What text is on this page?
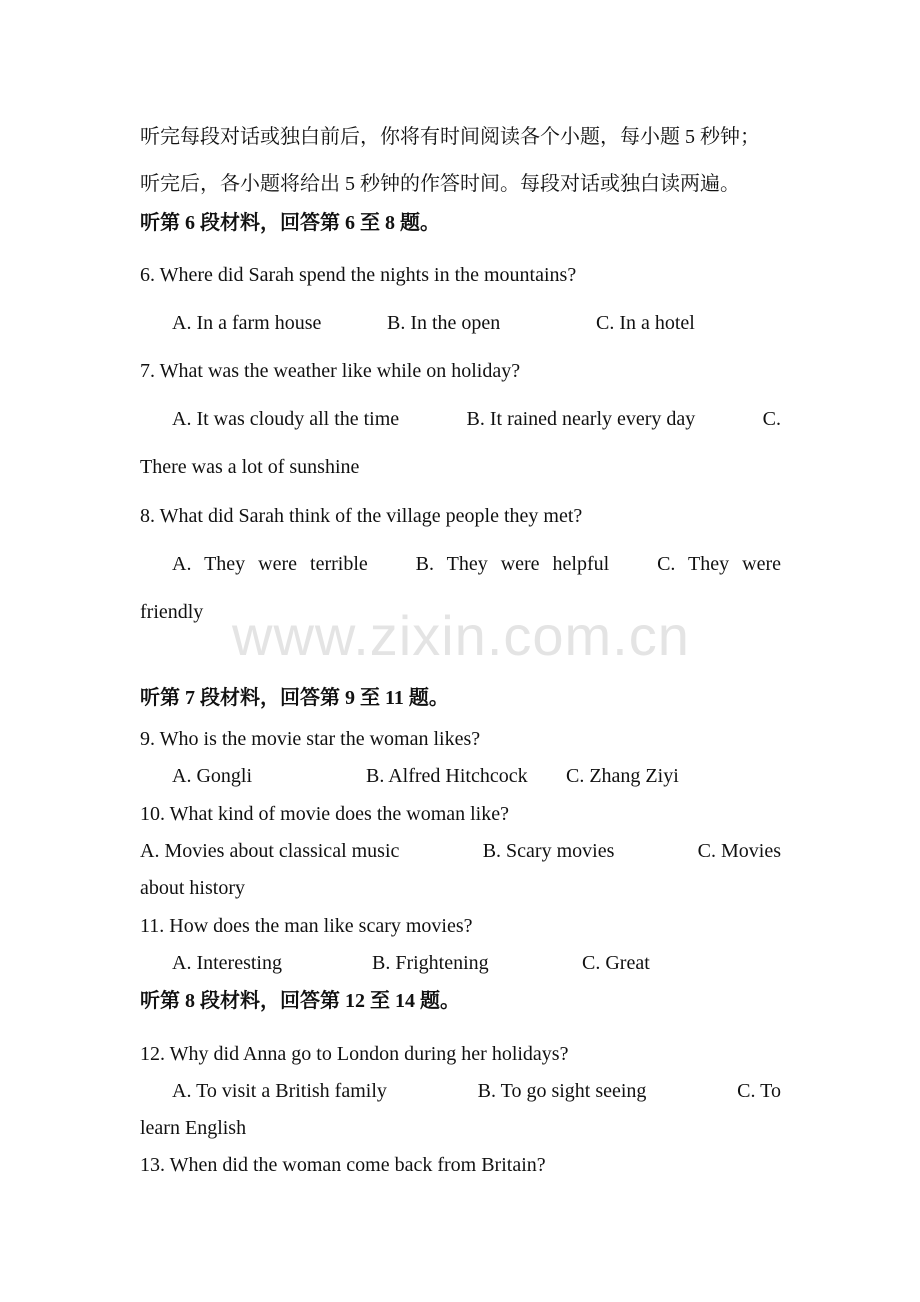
听完每段对话或独白前后，你将有时间阅读各个小题，每小题 5 秒钟；
听完后，各小题将给出 5 秒钟的作答时间。每段对话或独白读两遍。
听第 6 段材料，回答第 6 至 8 题。
6. Where did Sarah spend the nights in the mountains?
A. In a farm house	B. In the open	C. In a hotel
7. What was the weather like while on holiday?
A. It was cloudy all the time	B. It rained nearly every day	C.
There was a lot of sunshine
8. What did Sarah think of the village people they met?
A. They were terrible B. They were helpful C. They were
friendly www.zixin.com.cn
听第 7 段材料，回答第 9 至 11 题。
9. Who is the movie star the woman likes?
A. Gongli	B. Alfred Hitchcock C. Zhang Ziyi
10. What kind of movie does the woman like?
A. Movies about classical music	B. Scary movies	C. Movies
about history
11. How does the man like scary movies?
A. Interesting	B. Frightening	C. Great
听第 8 段材料，回答第 12 至 14 题。
12. Why did Anna go to London during her holidays?
A. To visit a British family	B. To go sight seeing	C. To
learn English
13. When did the woman come back from Britain?
